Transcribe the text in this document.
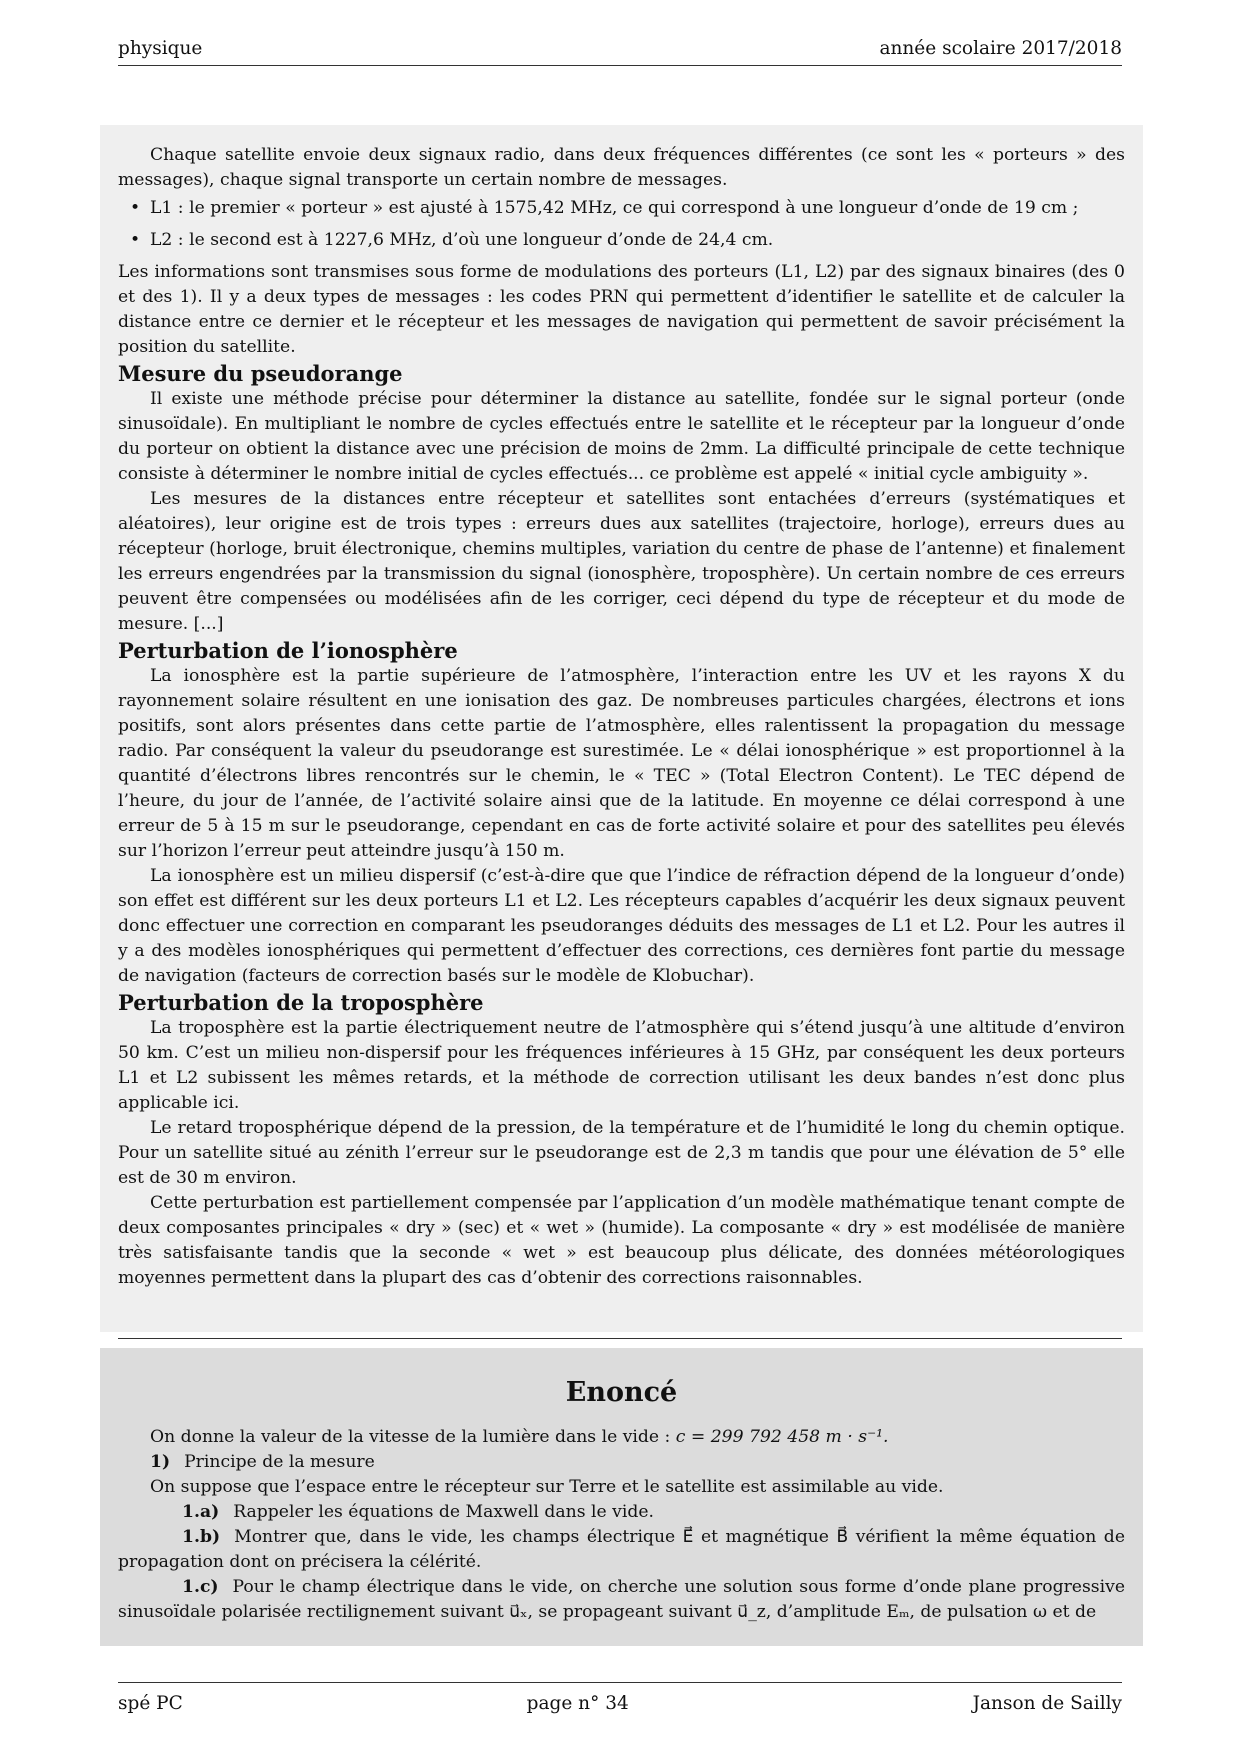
physique	année scolaire 2017/2018

Chaque satellite envoie deux signaux radio, dans deux fréquences différentes (ce sont les « porteurs » des messages), chaque signal transporte un certain nombre de messages.

• L1 : le premier « porteur » est ajusté à 1575,42 MHz, ce qui correspond à une longueur d’onde de 19 cm ;
• L2 : le second est à 1227,6 MHz, d’où une longueur d’onde de 24,4 cm.

Les informations sont transmises sous forme de modulations des porteurs (L1, L2) par des signaux binaires (des 0 et des 1). Il y a deux types de messages : les codes PRN qui permettent d’identifier le satellite et de calculer la distance entre ce dernier et le récepteur et les messages de navigation qui permettent de savoir précisément la position du satellite.

Mesure du pseudorange

Il existe une méthode précise pour déterminer la distance au satellite, fondée sur le signal porteur (onde sinusoïdale). En multipliant le nombre de cycles effectués entre le satellite et le récepteur par la longueur d’onde du porteur on obtient la distance avec une précision de moins de 2mm. La difficulté principale de cette technique consiste à déterminer le nombre initial de cycles effectués... ce problème est appelé « initial cycle ambiguity ».

Les mesures de la distances entre récepteur et satellites sont entachées d’erreurs (systématiques et aléatoires), leur origine est de trois types : erreurs dues aux satellites (trajectoire, horloge), erreurs dues au récepteur (horloge, bruit électronique, chemins multiples, variation du centre de phase de l’antenne) et finalement les erreurs engendrées par la transmission du signal (ionosphère, troposphère). Un certain nombre de ces erreurs peuvent être compensées ou modélisées afin de les corriger, ceci dépend du type de récepteur et du mode de mesure. [...]

Perturbation de l’ionosphère

La ionosphère est la partie supérieure de l’atmosphère, l’interaction entre les UV et les rayons X du rayonnement solaire résultent en une ionisation des gaz. De nombreuses particules chargées, électrons et ions positifs, sont alors présentes dans cette partie de l’atmosphère, elles ralentissent la propagation du message radio. Par conséquent la valeur du pseudorange est surestimée. Le « délai ionosphérique » est proportionnel à la quantité d’électrons libres rencontrés sur le chemin, le « TEC » (Total Electron Content). Le TEC dépend de l’heure, du jour de l’année, de l’activité solaire ainsi que de la latitude. En moyenne ce délai correspond à une erreur de 5 à 15 m sur le pseudorange, cependant en cas de forte activité solaire et pour des satellites peu élevés sur l’horizon l’erreur peut atteindre jusqu’à 150 m.

La ionosphère est un milieu dispersif (c’est-à-dire que que l’indice de réfraction dépend de la longueur d’onde) son effet est différent sur les deux porteurs L1 et L2. Les récepteurs capables d’acquérir les deux signaux peuvent donc effectuer une correction en comparant les pseudoranges déduits des messages de L1 et L2. Pour les autres il y a des modèles ionosphériques qui permettent d’effectuer des corrections, ces dernières font partie du message de navigation (facteurs de correction basés sur le modèle de Klobuchar).

Perturbation de la troposphère

La troposphère est la partie électriquement neutre de l’atmosphère qui s’étend jusqu’à une altitude d’environ 50 km. C’est un milieu non-dispersif pour les fréquences inférieures à 15 GHz, par conséquent les deux porteurs L1 et L2 subissent les mêmes retards, et la méthode de correction utilisant les deux bandes n’est donc plus applicable ici.

Le retard troposphérique dépend de la pression, de la température et de l’humidité le long du chemin optique. Pour un satellite situé au zénith l’erreur sur le pseudorange est de 2,3 m tandis que pour une élévation de 5° elle est de 30 m environ.

Cette perturbation est partiellement compensée par l’application d’un modèle mathématique tenant compte de deux composantes principales « dry » (sec) et « wet » (humide). La composante « dry » est modélisée de manière très satisfaisante tandis que la seconde « wet » est beaucoup plus délicate, des données météorologiques moyennes permettent dans la plupart des cas d’obtenir des corrections raisonnables.

Enoncé

On donne la valeur de la vitesse de la lumière dans le vide : c = 299 792 458 m · s⁻¹.

1) Principe de la mesure

On suppose que l’espace entre le récepteur sur Terre et le satellite est assimilable au vide.

1.a) Rappeler les équations de Maxwell dans le vide.

1.b) Montrer que, dans le vide, les champs électrique E⃗ et magnétique B⃗ vérifient la même équation de propagation dont on précisera la célérité.

1.c) Pour le champ électrique dans le vide, on cherche une solution sous forme d’onde plane progressive sinusoïdale polarisée rectilignement suivant u⃗ₓ, se propageant suivant u⃗_z, d’amplitude Eₘ, de pulsation ω et de

spé PC	page n° 34	Janson de Sailly
